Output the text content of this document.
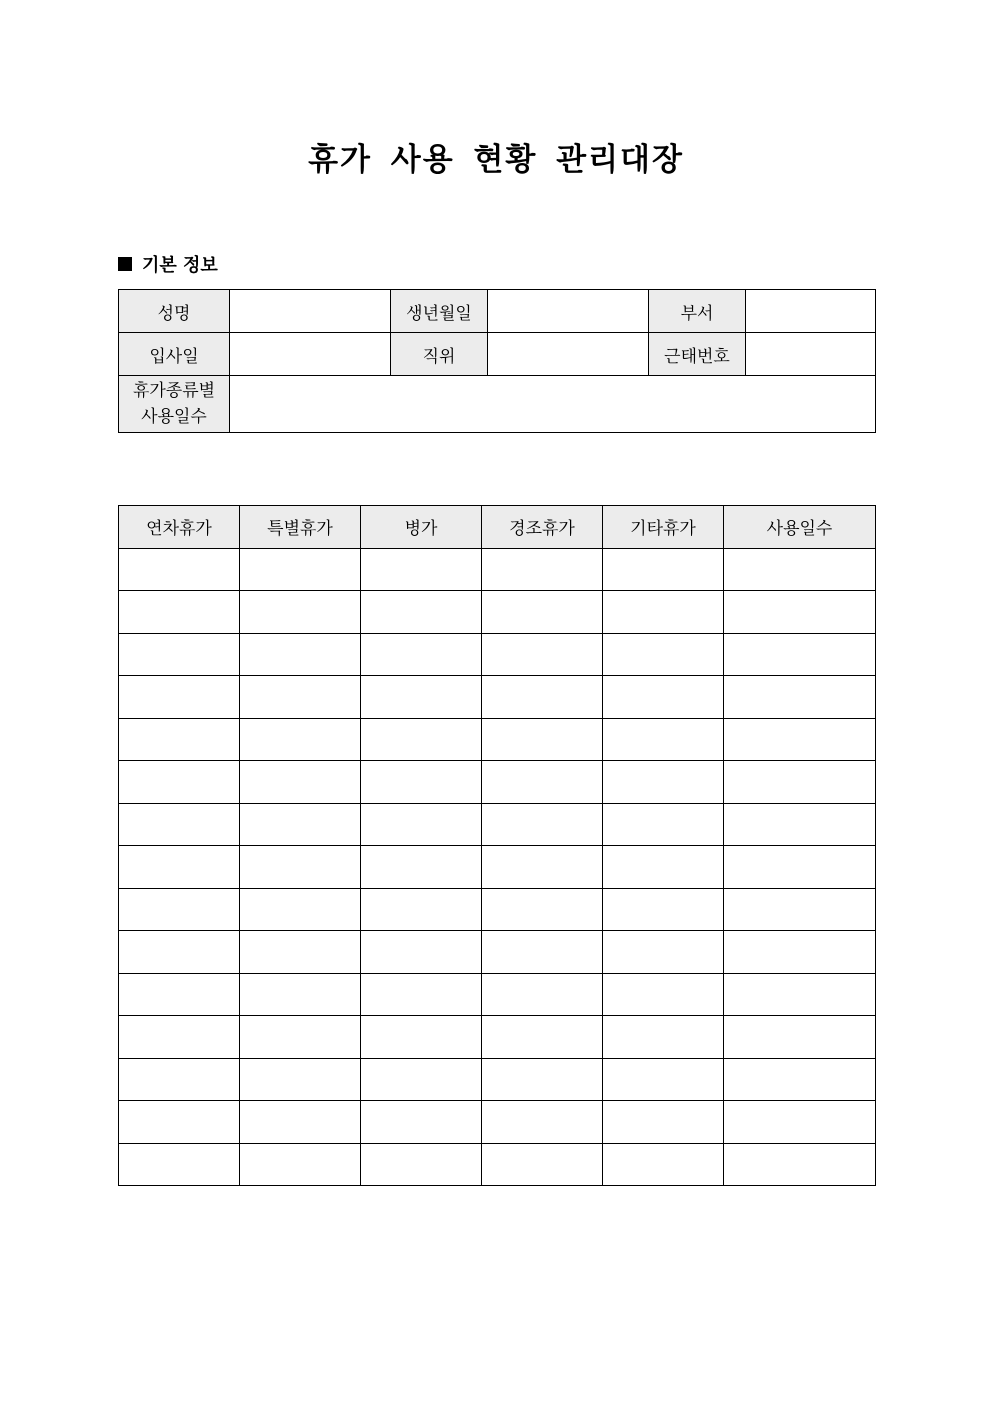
휴가 사용 현황 관리대장
기본 정보
성명		생년월일		부서	
입사일		직위		근태번호	

휴가종류별
사용일수					

연차휴가	특별휴가	병가	경조휴가	기타휴가	사용일수
